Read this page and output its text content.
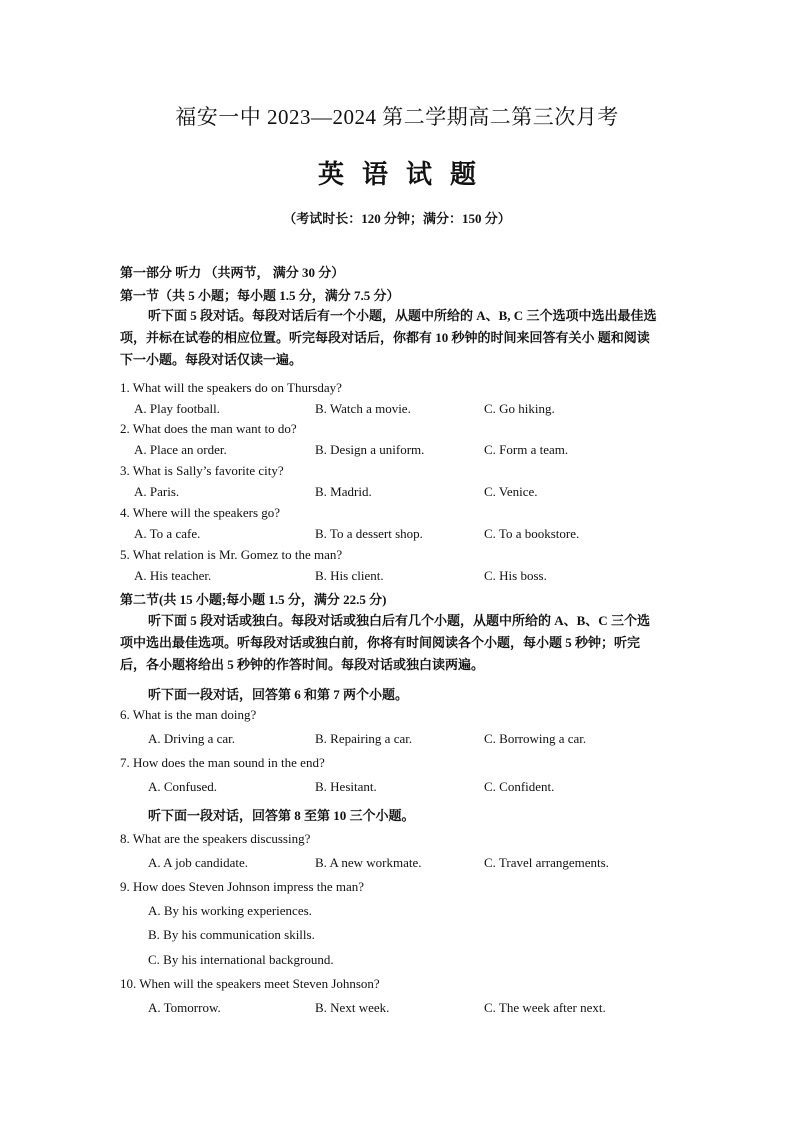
福安一中 2023—2024 第二学期高二第三次月考
英语试题
（考试时长：120 分钟；满分：150 分）
第一部分 听力 （共两节， 满分 30 分）
第一节（共 5 小题；每小题 1.5 分，满分 7.5 分）
听下面 5 段对话。每段对话后有一个小题，从题中所给的 A、B, C 三个选项中选出最佳选项，并标在试卷的相应位置。听完每段对话后，你都有 10 秒钟的时间来回答有关小 题和阅读下一小题。每段对话仅读一遍。
1. What will the speakers do on Thursday?
A. Play football.	B. Watch a movie.	C. Go hiking.
2. What does the man want to do?
A. Place an order.	B. Design a uniform.	C. Form a team.
3. What is Sally’s favorite city?
A. Paris.	B. Madrid.	C. Venice.
4. Where will the speakers go?
A. To a cafe.	B. To a dessert shop.	C. To a bookstore.
5. What relation is Mr. Gomez to the man?
A. His teacher.	B. His client.	C. His boss.
第二节(共 15 小题;每小题 1.5 分，满分 22.5 分)
听下面 5 段对话或独白。每段对话或独白后有几个小题，从题中所给的 A、B、C 三个选项中选出最佳选项。听每段对话或独白前，你将有时间阅读各个小题，每小题 5 秒钟；听完后，各小题将给出 5 秒钟的作答时间。每段对话或独白读两遍。
听下面一段对话，回答第 6 和第 7 两个小题。
6. What is the man doing?
A. Driving a car.	B. Repairing a car.	C. Borrowing a car.
7. How does the man sound in the end?
A. Confused.	B. Hesitant.	C. Confident.
听下面一段对话，回答第 8 至第 10 三个小题。
8. What are the speakers discussing?
A. A job candidate.	B. A new workmate.	C. Travel arrangements.
9. How does Steven Johnson impress the man?
A. By his working experiences.
B. By his communication skills.
C. By his international background.
10. When will the speakers meet Steven Johnson?
A. Tomorrow.	B. Next week.	C. The week after next.
